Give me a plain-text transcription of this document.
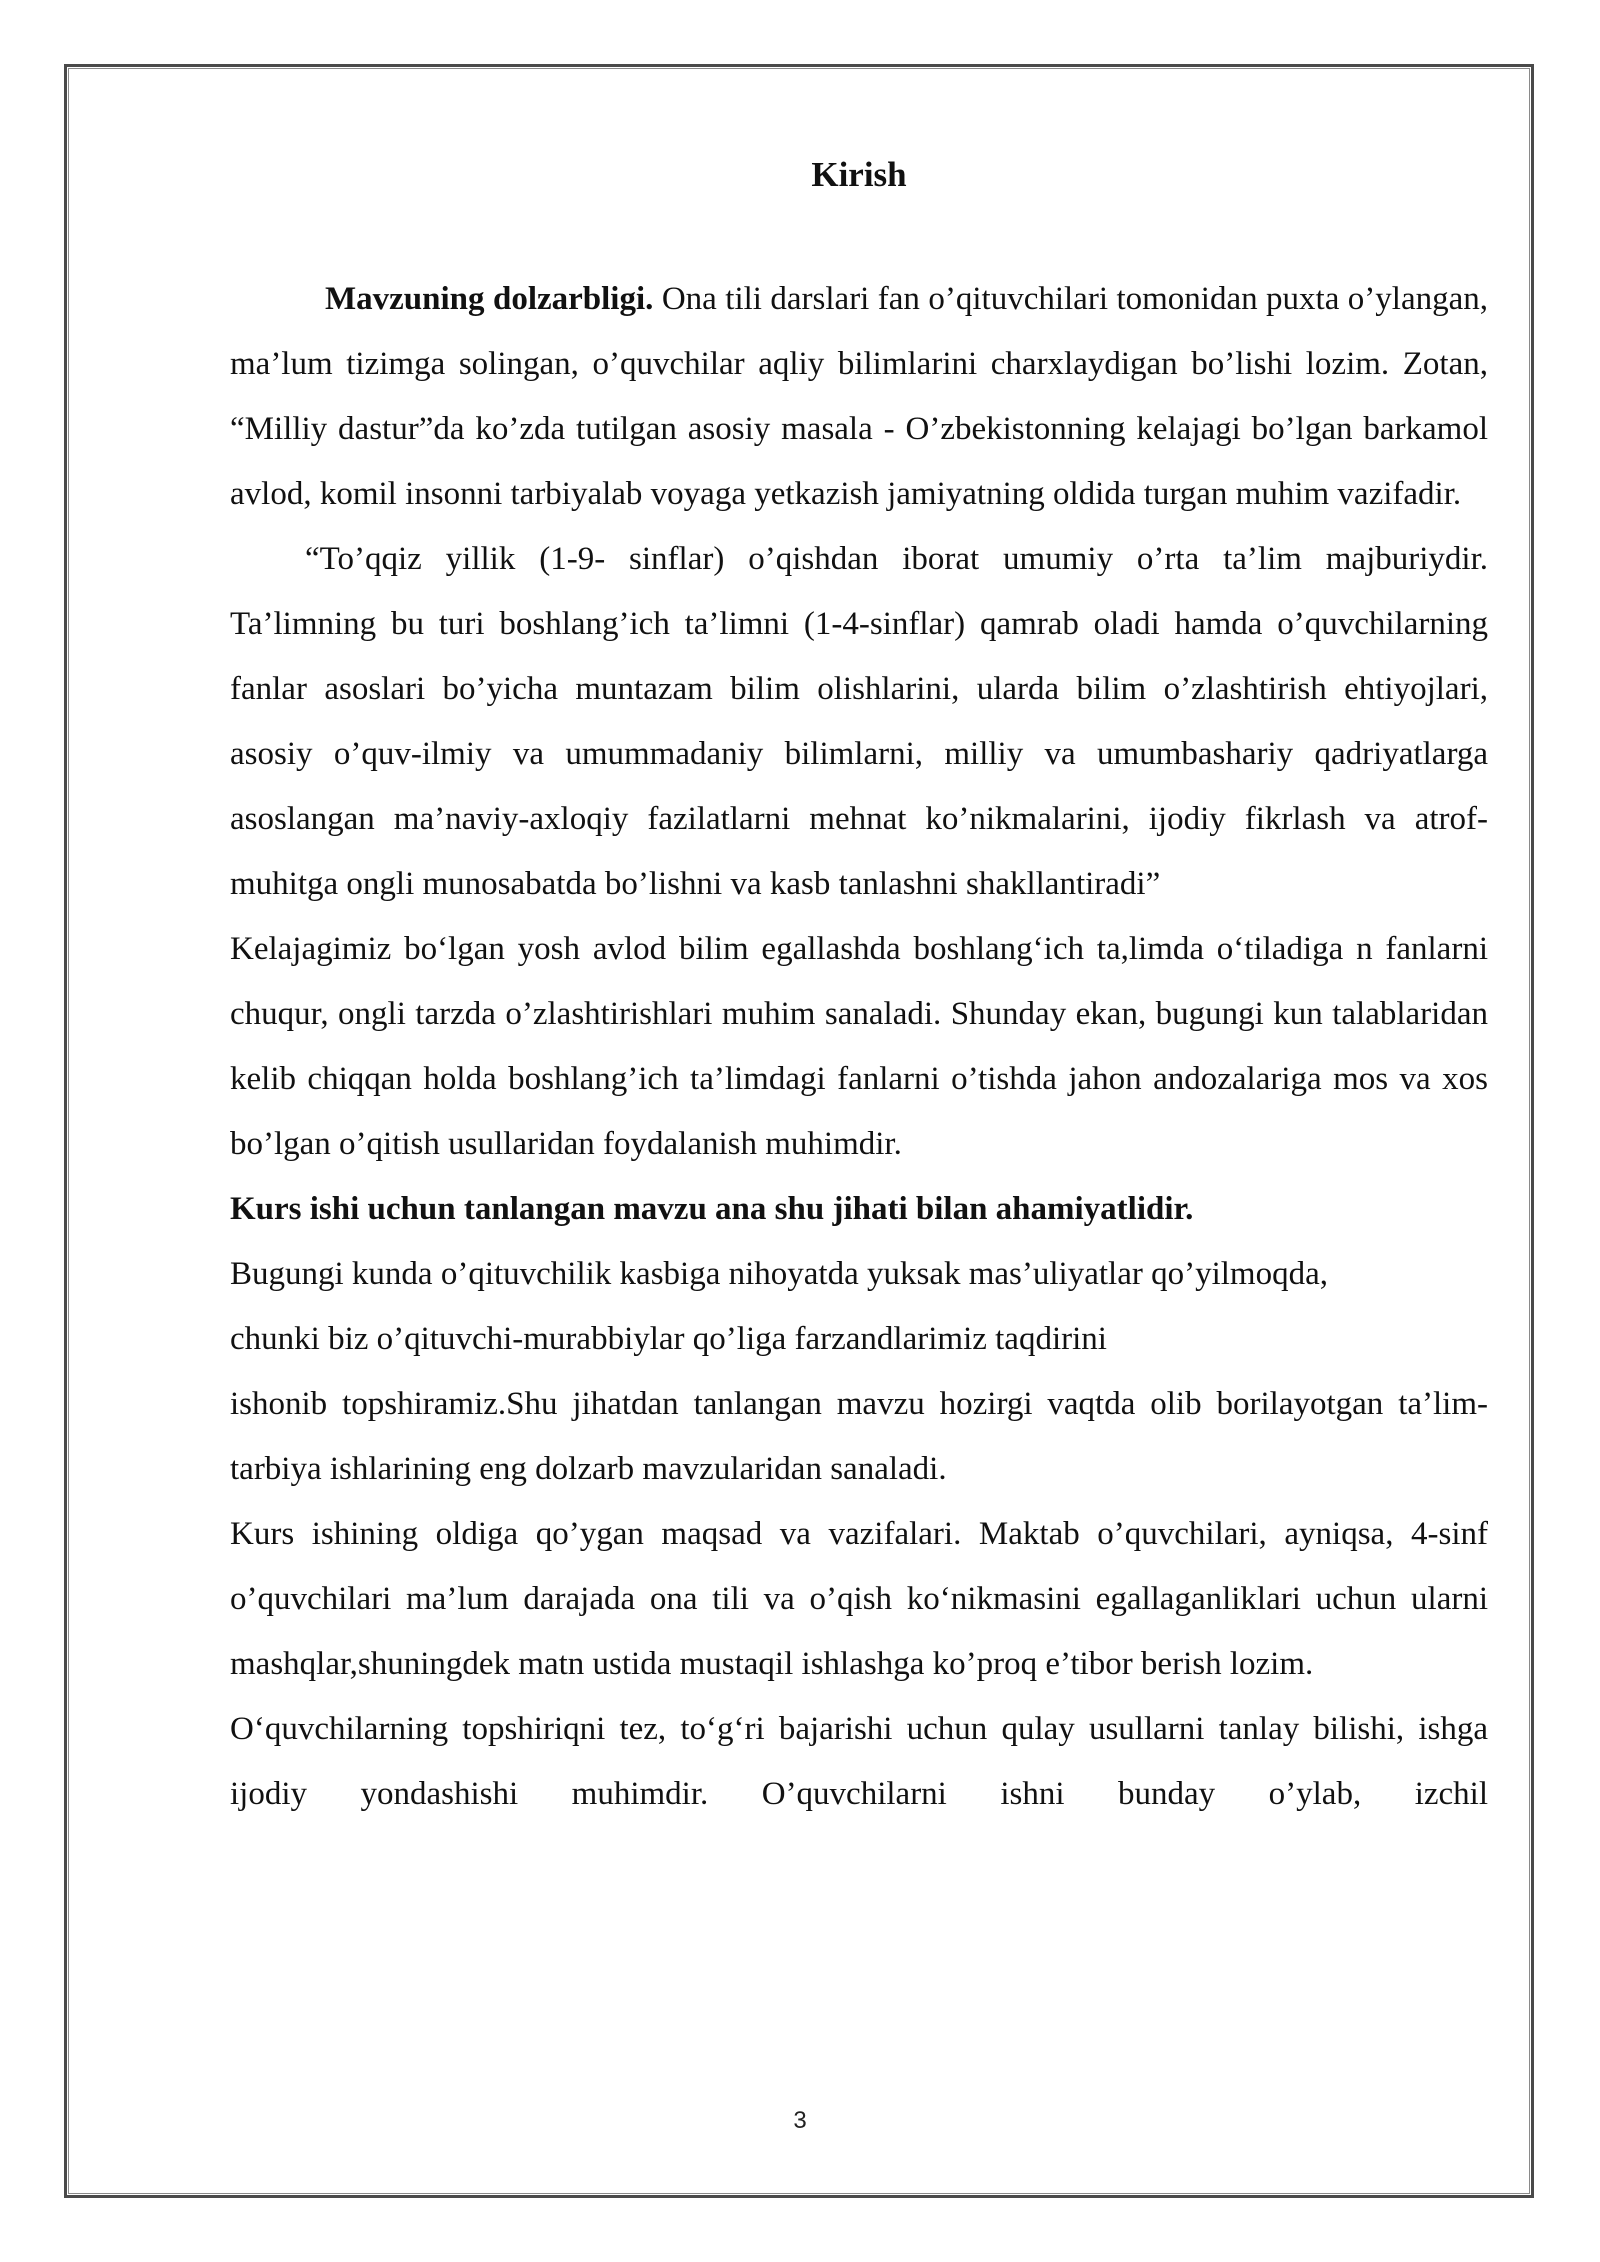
Kirish

Mavzuning dolzarbligi. Ona tili darslari fan o’qituvchilari tomonidan puxta o’ylangan, ma’lum tizimga solingan, o’quvchilar aqliy bilimlarini charxlaydigan bo’lishi lozim. Zotan, “Milliy dastur”da ko’zda tutilgan asosiy masala - O’zbekistonning kelajagi bo’lgan barkamol avlod, komil insonni tarbiyalab voyaga yetkazish jamiyatning oldida turgan muhim vazifadir.

“To’qqiz yillik (1-9- sinflar) o’qishdan iborat umumiy o’rta ta’lim majburiydir. Ta’limning bu turi boshlang’ich ta’limni (1-4-sinflar) qamrab oladi hamda o’quvchilarning fanlar asoslari bo’yicha muntazam bilim olishlarini, ularda bilim o’zlashtirish ehtiyojlari, asosiy o’quv-ilmiy va umummadaniy bilimlarni, milliy va umumbashariy qadriyatlarga asoslangan ma’naviy-axloqiy fazilatlarni mehnat ko’nikmalarini, ijodiy fikrlash va atrof-muhitga ongli munosabatda bo’lishni va kasb tanlashni shakllantiradi”

Kelajagimiz bo‘lgan yosh avlod bilim egallashda boshlang‘ich ta,limda o‘tiladiga n fanlarni chuqur, ongli tarzda o’zlashtirishlari muhim sanaladi. Shunday ekan, bugungi kun talablaridan kelib chiqqan holda boshlang’ich ta’limdagi fanlarni o’tishda jahon andozalariga mos va xos bo’lgan o’qitish usullaridan foydalanish muhimdir.

Kurs ishi uchun tanlangan mavzu ana shu jihati bilan ahamiyatlidir.

Bugungi kunda o’qituvchilik kasbiga nihoyatda yuksak mas’uliyatlar qo’yilmoqda,

chunki biz o’qituvchi-murabbiylar qo’liga farzandlarimiz taqdirini

ishonib topshiramiz.Shu jihatdan tanlangan mavzu hozirgi vaqtda olib borilayotgan ta’lim-tarbiya ishlarining eng dolzarb mavzularidan sanaladi.

Kurs ishining oldiga qo’ygan maqsad va vazifalari. Maktab o’quvchilari, ayniqsa, 4-sinf o’quvchilari ma’lum darajada ona tili va o’qish ko‘nikmasini egallaganliklari uchun ularni mashqlar,shuningdek matn ustida mustaqil ishlashga ko’proq e’tibor berish lozim.

O‘quvchilarning topshiriqni tez, to‘g‘ri bajarishi uchun qulay usullarni tanlay bilishi, ishga ijodiy yondashishi muhimdir. O’quvchilarni ishni bunday o’ylab, izchil

3
